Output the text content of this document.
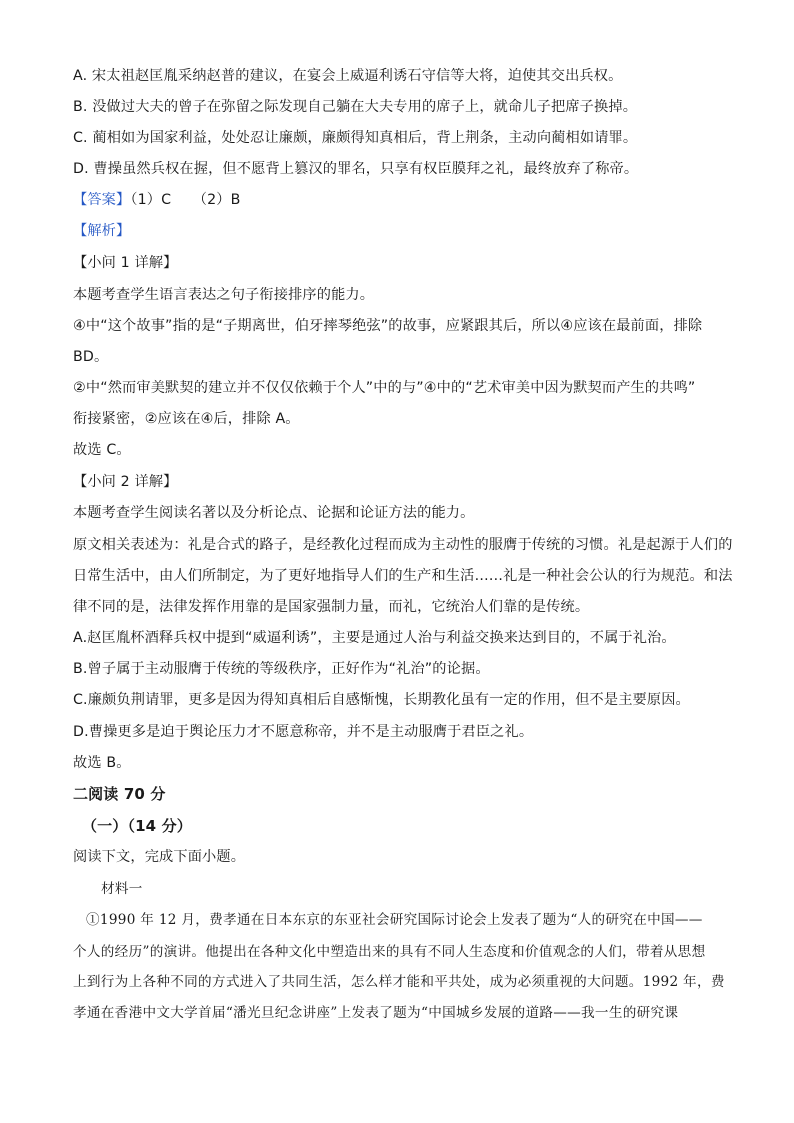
A. 宋太祖赵匡胤采纳赵普的建议，在宴会上威逼利诱石守信等大将，迫使其交出兵权。
B. 没做过大夫的曾子在弥留之际发现自己躺在大夫专用的席子上，就命儿子把席子换掉。
C. 蔺相如为国家利益，处处忍让廉颇，廉颇得知真相后，背上荆条，主动向蔺相如请罪。
D. 曹操虽然兵权在握，但不愿背上篡汉的罪名，只享有权臣膜拜之礼，最终放弃了称帝。
【答案】（1）C　　（2）B
【解析】
【小问 1 详解】
本题考查学生语言表达之句子衔接排序的能力。
④中“这个故事”指的是“子期离世，伯牙摔琴绝弦”的故事，应紧跟其后，所以④应该在最前面，排除
BD。
②中“然而审美默契的建立并不仅仅依赖于个人”中的与”④中的“艺术审美中因为默契而产生的共鸣”
衔接紧密，②应该在④后，排除 A。
故选 C。
【小问 2 详解】
本题考查学生阅读名著以及分析论点、论据和论证方法的能力。
原文相关表述为：礼是合式的路子，是经教化过程而成为主动性的服膺于传统的习惯。礼是起源于人们的
日常生活中，由人们所制定，为了更好地指导人们的生产和生活……礼是一种社会公认的行为规范。和法
律不同的是，法律发挥作用靠的是国家强制力量，而礼，它统治人们靠的是传统。
A.赵匡胤杯酒释兵权中提到“威逼利诱”，主要是通过人治与利益交换来达到目的，不属于礼治。
B.曾子属于主动服膺于传统的等级秩序，正好作为“礼治”的论据。
C.廉颇负荆请罪，更多是因为得知真相后自感惭愧，长期教化虽有一定的作用，但不是主要原因。
D.曹操更多是迫于舆论压力才不愿意称帝，并不是主动服膺于君臣之礼。
故选 B。
二阅读 70 分
（一）（14 分）
阅读下文，完成下面小题。
材料一
①1990 年 12 月，费孝通在日本东京的东亚社会研究国际讨论会上发表了题为“人的研究在中国——
个人的经历”的演讲。他提出在各种文化中塑造出来的具有不同人生态度和价值观念的人们，带着从思想
上到行为上各种不同的方式进入了共同生活，怎么样才能和平共处，成为必须重视的大问题。1992 年，费
孝通在香港中文大学首届“潘光旦纪念讲座”上发表了题为“中国城乡发展的道路——我一生的研究课
